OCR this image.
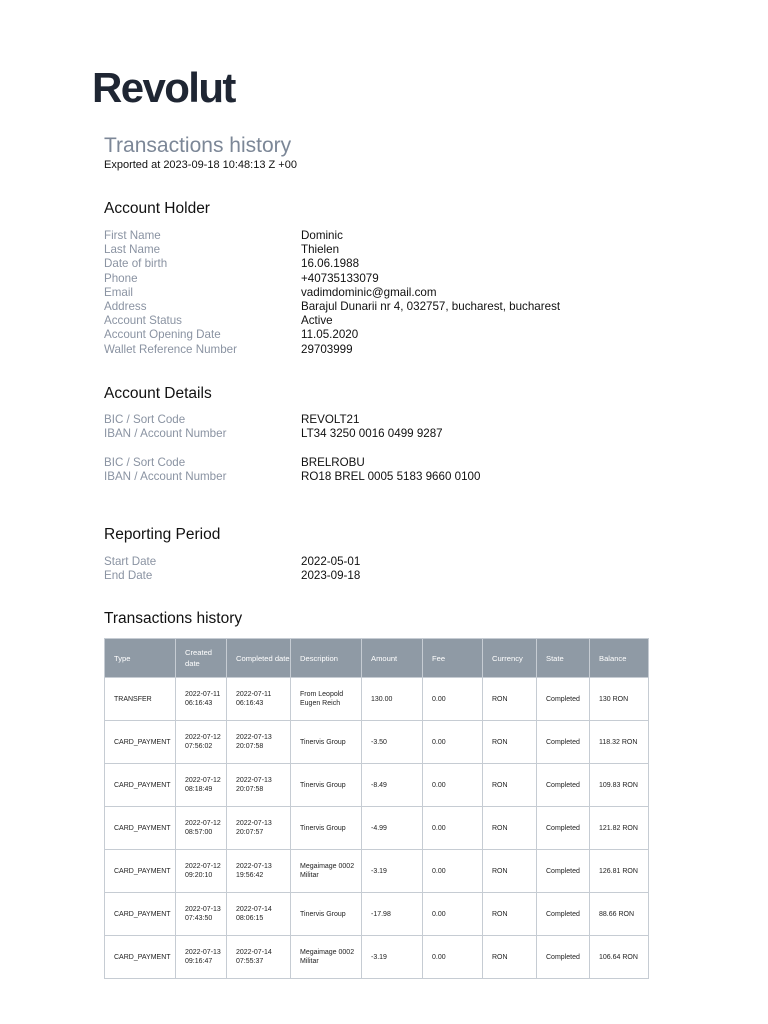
Revolut
Transactions history
Exported at 2023-09-18 10:48:13 Z +00
Account Holder
First Name	Dominic
Last Name	Thielen
Date of birth	16.06.1988
Phone	+40735133079
Email	vadimdominic@gmail.com
Address	Barajul Dunarii nr 4, 032757, bucharest, bucharest
Account Status	Active
Account Opening Date	11.05.2020
Wallet Reference Number	29703999
Account Details
BIC / Sort Code	REVOLT21
IBAN / Account Number	LT34 3250 0016 0499 9287
BIC / Sort Code	BRELROBU
IBAN / Account Number	RO18 BREL 0005 5183 9660 0100
Reporting Period
Start Date	2022-05-01
End Date	2023-09-18
Transactions history
Type	Created date	Completed date	Description	Amount	Fee	Currency	State	Balance
TRANSFER	2022-07-11 06:16:43	2022-07-11 06:16:43	From Leopold Eugen Reich	130.00	0.00	RON	Completed	130 RON
CARD_PAYMENT	2022-07-12 07:56:02	2022-07-13 20:07:58	Tinervis Group	-3.50	0.00	RON	Completed	118.32 RON
CARD_PAYMENT	2022-07-12 08:18:49	2022-07-13 20:07:58	Tinervis Group	-8.49	0.00	RON	Completed	109.83 RON
CARD_PAYMENT	2022-07-12 08:57:00	2022-07-13 20:07:57	Tinervis Group	-4.99	0.00	RON	Completed	121.82 RON
CARD_PAYMENT	2022-07-12 09:20:10	2022-07-13 19:56:42	Megaimage 0002 Militar	-3.19	0.00	RON	Completed	126.81 RON
CARD_PAYMENT	2022-07-13 07:43:50	2022-07-14 08:06:15	Tinervis Group	-17.98	0.00	RON	Completed	88.66 RON
CARD_PAYMENT	2022-07-13 09:16:47	2022-07-14 07:55:37	Megaimage 0002 Militar	-3.19	0.00	RON	Completed	106.64 RON
